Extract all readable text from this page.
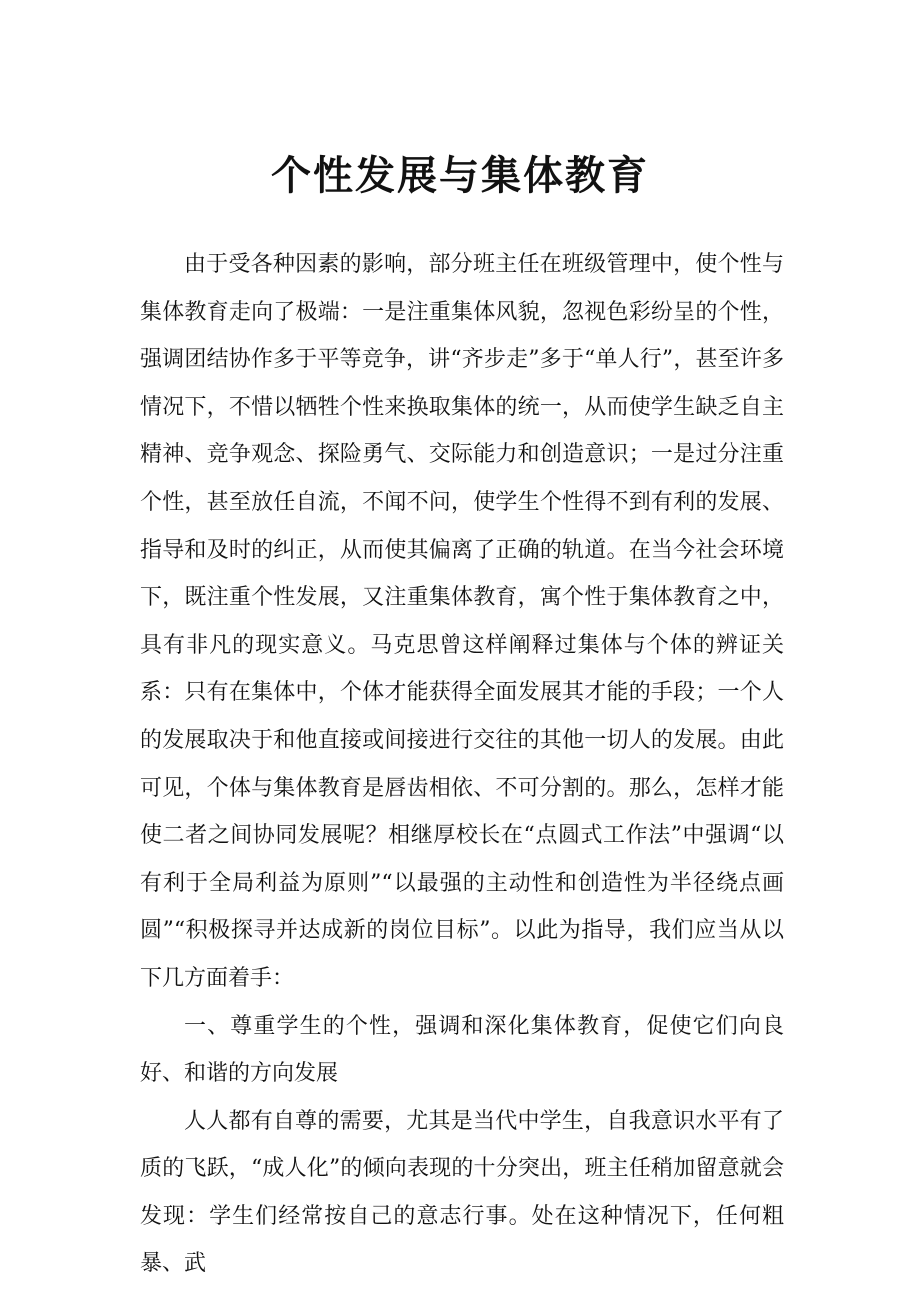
个性发展与集体教育

由于受各种因素的影响，部分班主任在班级管理中，使个性与集体教育走向了极端：一是注重集体风貌，忽视色彩纷呈的个性，强调团结协作多于平等竞争，讲“齐步走”多于“单人行”，甚至许多情况下，不惜以牺牲个性来换取集体的统一，从而使学生缺乏自主精神、竞争观念、探险勇气、交际能力和创造意识；一是过分注重个性，甚至放任自流，不闻不问，使学生个性得不到有利的发展、指导和及时的纠正，从而使其偏离了正确的轨道。在当今社会环境下，既注重个性发展，又注重集体教育，寓个性于集体教育之中，具有非凡的现实意义。马克思曾这样阐释过集体与个体的辨证关系：只有在集体中，个体才能获得全面发展其才能的手段；一个人的发展取决于和他直接或间接进行交往的其他一切人的发展。由此可见，个体与集体教育是唇齿相依、不可分割的。那么，怎样才能使二者之间协同发展呢？相继厚校长在“点圆式工作法”中强调“以有利于全局利益为原则”“以最强的主动性和创造性为半径绕点画圆”“积极探寻并达成新的岗位目标”。以此为指导，我们应当从以下几方面着手：

一、尊重学生的个性，强调和深化集体教育，促使它们向良好、和谐的方向发展

人人都有自尊的需要，尤其是当代中学生，自我意识水平有了质的飞跃，“成人化”的倾向表现的十分突出，班主任稍加留意就会发现：学生们经常按自己的意志行事。处在这种情况下，任何粗暴、武
